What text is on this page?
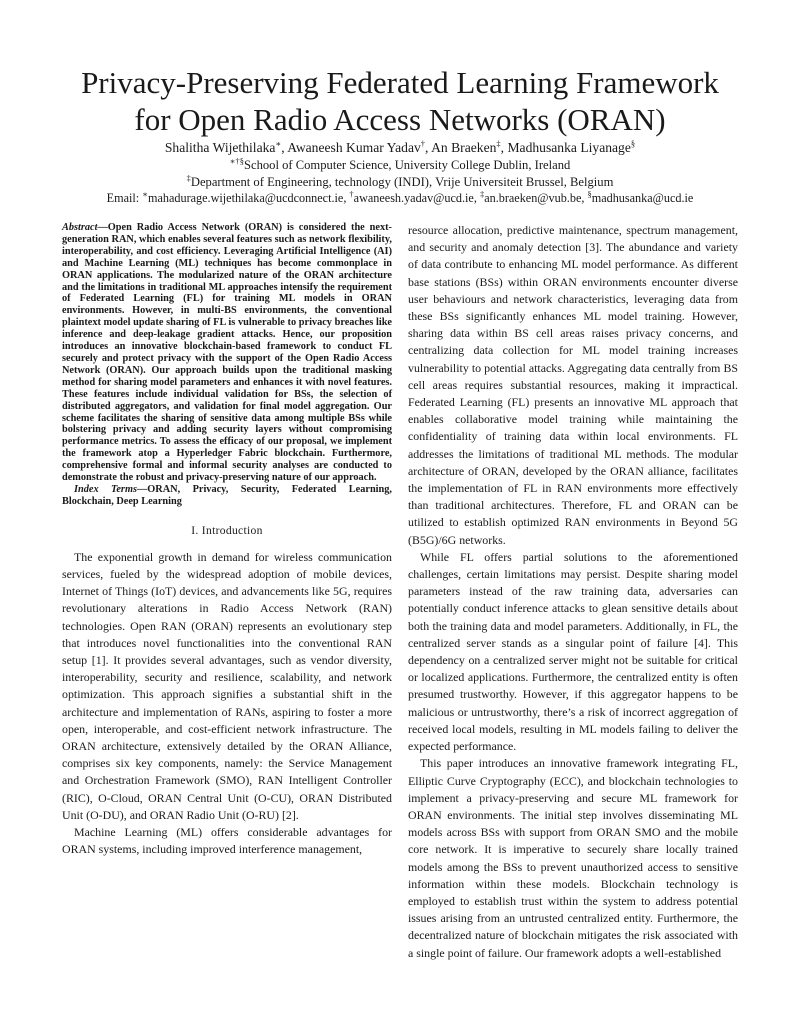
Privacy-Preserving Federated Learning Framework
for Open Radio Access Networks (ORAN)
Shalitha Wijethilaka∗, Awaneesh Kumar Yadav†, An Braeken‡, Madhusanka Liyanage§
∗†§School of Computer Science, University College Dublin, Ireland
‡Department of Engineering, technology (INDI), Vrije Universiteit Brussel, Belgium
Email: ∗mahadurage.wijethilaka@ucdconnect.ie, †awaneesh.yadav@ucd.ie, ‡an.braeken@vub.be, §madhusanka@ucd.ie

Abstract—Open Radio Access Network (ORAN) is considered the next-generation RAN, which enables several features such as network flexibility, interoperability, and cost efficiency. Leveraging Artificial Intelligence (AI) and Machine Learning (ML) techniques has become commonplace in ORAN applications. The modularized nature of the ORAN architecture and the limitations in traditional ML approaches intensify the requirement of Federated Learning (FL) for training ML models in ORAN environments. However, in multi-BS environments, the conventional plaintext model update sharing of FL is vulnerable to privacy breaches like inference and deep-leakage gradient attacks. Hence, our proposition introduces an innovative blockchain-based framework to conduct FL securely and protect privacy with the support of the Open Radio Access Network (ORAN). Our approach builds upon the traditional masking method for sharing model parameters and enhances it with novel features. These features include individual validation for BSs, the selection of distributed aggregators, and validation for final model aggregation. Our scheme facilitates the sharing of sensitive data among multiple BSs while bolstering privacy and adding security layers without compromising performance metrics. To assess the efficacy of our proposal, we implement the framework atop a Hyperledger Fabric blockchain. Furthermore, comprehensive formal and informal security analyses are conducted to demonstrate the robust and privacy-preserving nature of our approach.

Index Terms—ORAN, Privacy, Security, Federated Learning, Blockchain, Deep Learning

I. Introduction

The exponential growth in demand for wireless communication services, fueled by the widespread adoption of mobile devices, Internet of Things (IoT) devices, and advancements like 5G, requires revolutionary alterations in Radio Access Network (RAN) technologies. Open RAN (ORAN) represents an evolutionary step that introduces novel functionalities into the conventional RAN setup [1]. It provides several advantages, such as vendor diversity, interoperability, security and resilience, scalability, and network optimization. This approach signifies a substantial shift in the architecture and implementation of RANs, aspiring to foster a more open, interoperable, and cost-efficient network infrastructure. The ORAN architecture, extensively detailed by the ORAN Alliance, comprises six key components, namely: the Service Management and Orchestration Framework (SMO), RAN Intelligent Controller (RIC), O-Cloud, ORAN Central Unit (O-CU), ORAN Distributed Unit (O-DU), and ORAN Radio Unit (O-RU) [2].

Machine Learning (ML) offers considerable advantages for ORAN systems, including improved interference management,

resource allocation, predictive maintenance, spectrum management, and security and anomaly detection [3]. The abundance and variety of data contribute to enhancing ML model performance. As different base stations (BSs) within ORAN environments encounter diverse user behaviours and network characteristics, leveraging data from these BSs significantly enhances ML model training. However, sharing data within BS cell areas raises privacy concerns, and centralizing data collection for ML model training increases vulnerability to potential attacks. Aggregating data centrally from BS cell areas requires substantial resources, making it impractical. Federated Learning (FL) presents an innovative ML approach that enables collaborative model training while maintaining the confidentiality of training data within local environments. FL addresses the limitations of traditional ML methods. The modular architecture of ORAN, developed by the ORAN alliance, facilitates the implementation of FL in RAN environments more effectively than traditional architectures. Therefore, FL and ORAN can be utilized to establish optimized RAN environments in Beyond 5G (B5G)/6G networks.

While FL offers partial solutions to the aforementioned challenges, certain limitations may persist. Despite sharing model parameters instead of the raw training data, adversaries can potentially conduct inference attacks to glean sensitive details about both the training data and model parameters. Additionally, in FL, the centralized server stands as a singular point of failure [4]. This dependency on a centralized server might not be suitable for critical or localized applications. Furthermore, the centralized entity is often presumed trustworthy. However, if this aggregator happens to be malicious or untrustworthy, there’s a risk of incorrect aggregation of received local models, resulting in ML models failing to deliver the expected performance.

This paper introduces an innovative framework integrating FL, Elliptic Curve Cryptography (ECC), and blockchain technologies to implement a privacy-preserving and secure ML framework for ORAN environments. The initial step involves disseminating ML models across BSs with support from ORAN SMO and the mobile core network. It is imperative to securely share locally trained models among the BSs to prevent unauthorized access to sensitive information within these models. Blockchain technology is employed to establish trust within the system to address potential issues arising from an untrusted centralized entity. Furthermore, the decentralized nature of blockchain mitigates the risk associated with a single point of failure. Our framework adopts a well-established
